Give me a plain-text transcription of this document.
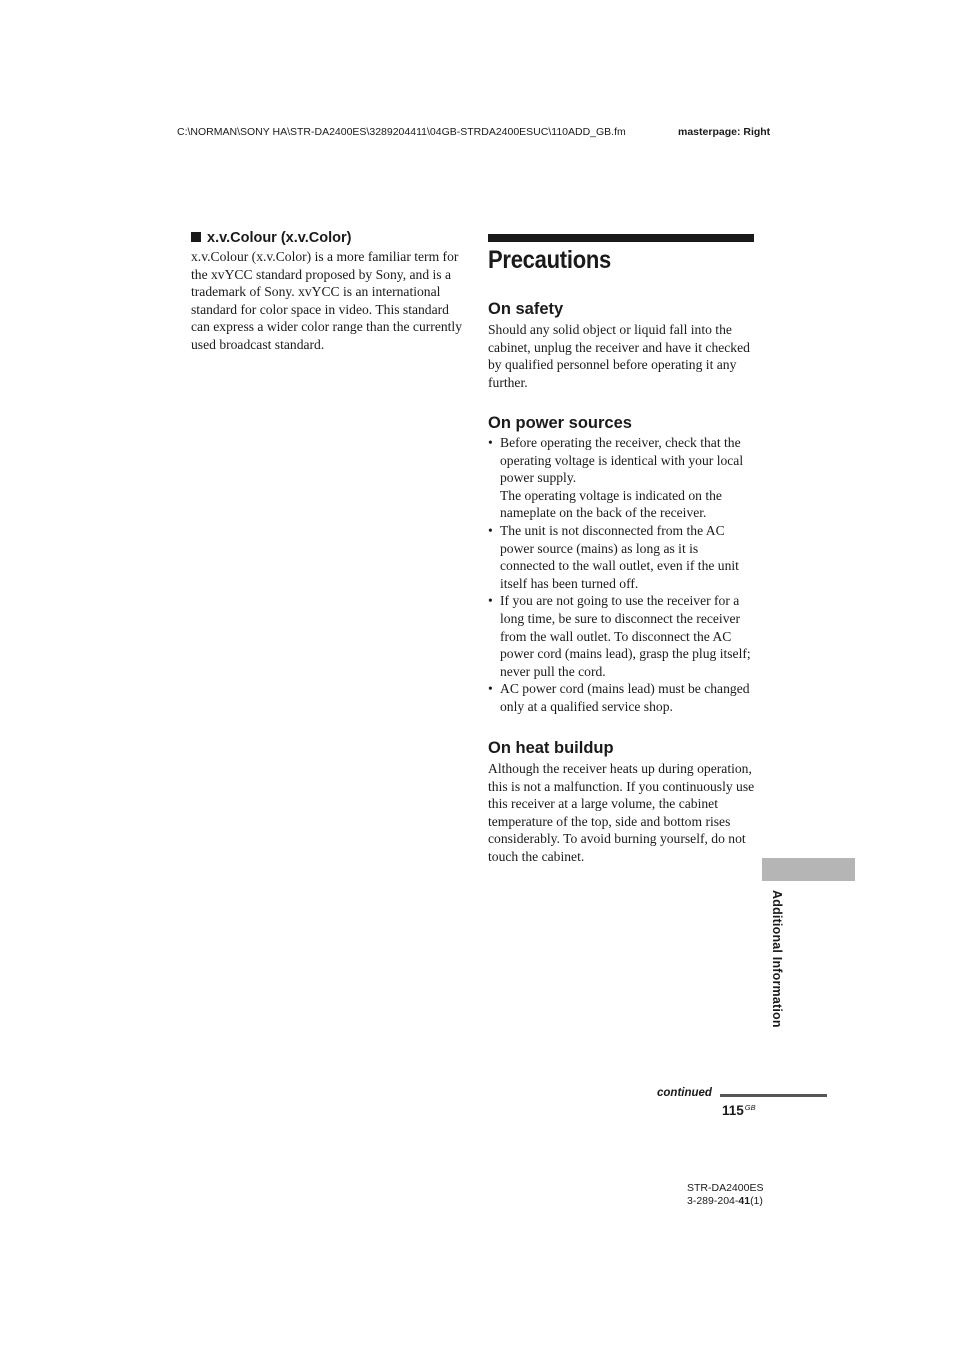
C:\NORMAN\SONY HA\STR-DA2400ES\3289204411\04GB-STRDA2400ESUC\110ADD_GB.fm	masterpage: Right
x.v.Colour (x.v.Color)
x.v.Colour (x.v.Color) is a more familiar term for the xvYCC standard proposed by Sony, and is a trademark of Sony. xvYCC is an international standard for color space in video. This standard can express a wider color range than the currently used broadcast standard.
Precautions
On safety
Should any solid object or liquid fall into the cabinet, unplug the receiver and have it checked by qualified personnel before operating it any further.
On power sources
• Before operating the receiver, check that the operating voltage is identical with your local power supply.
The operating voltage is indicated on the nameplate on the back of the receiver.
• The unit is not disconnected from the AC power source (mains) as long as it is connected to the wall outlet, even if the unit itself has been turned off.
• If you are not going to use the receiver for a long time, be sure to disconnect the receiver from the wall outlet. To disconnect the AC power cord (mains lead), grasp the plug itself; never pull the cord.
• AC power cord (mains lead) must be changed only at a qualified service shop.
On heat buildup
Although the receiver heats up during operation, this is not a malfunction. If you continuously use this receiver at a large volume, the cabinet temperature of the top, side and bottom rises considerably. To avoid burning yourself, do not touch the cabinet.
Additional Information
continued
$115^{GB}$
STR-DA2400ES
3-289-204-41(1)
